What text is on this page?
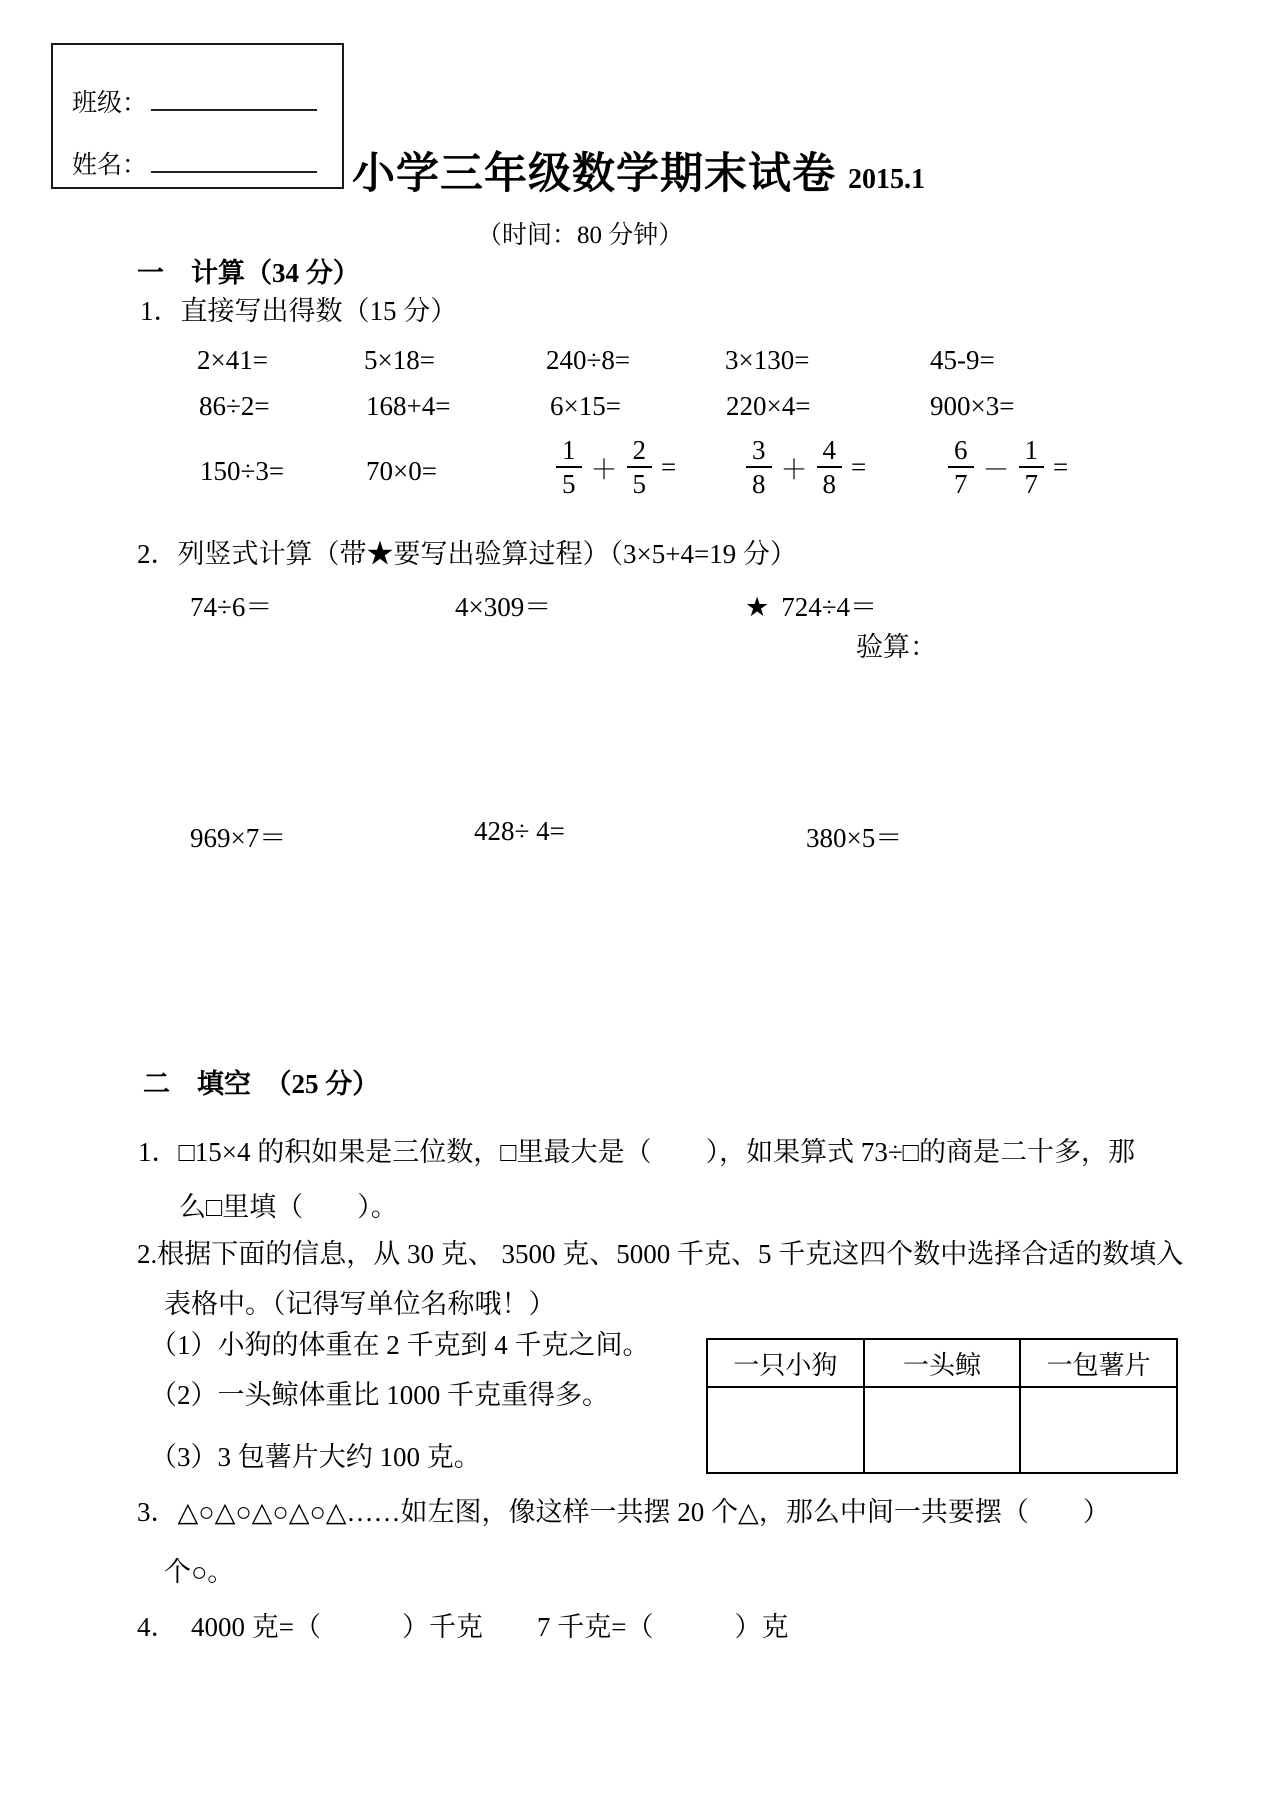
班级：
姓名：	小学三年级数学期末试卷 2015.1
（时间：80 分钟）
一　计算（34 分）
1．直接写出得数（15 分）
2×41=	5×18=	240÷8=	3×130=	45-9=
86÷2=	168+4=	6×15=	220×4=	900×3=
150÷3=	70×0=	$\frac{1}{5} + \frac{2}{5}$ =	$\frac{3}{8} + \frac{4}{8}$ =	$\frac{6}{7} - \frac{1}{7}$ =
2．列竖式计算（带★要写出验算过程）（3×5+4=19 分）
74÷6＝	4×309＝	★ 724÷4＝
验算：
969×7＝	428÷ 4=	380×5＝
二　填空　（25 分）
1．□15×4 的积如果是三位数，□里最大是（　　），如果算式 73÷□的商是二十多，那
么□里填（　　）。
2.根据下面的信息，从 30 克、 3500 克、5000 千克、5 千克这四个数中选择合适的数填入
表格中。（记得写单位名称哦！）
（1）小狗的体重在 2 千克到 4 千克之间。
（2）一头鲸体重比 1000 千克重得多。
（3）3 包薯片大约 100 克。
一只小狗	一头鲸	一包薯片
3．△○△○△○△○△……如左图，像这样一共摆 20 个△，那么中间一共要摆（　　）
个○。
4．　4000 克=（　　　）千克　　7 千克=（　　　）克
